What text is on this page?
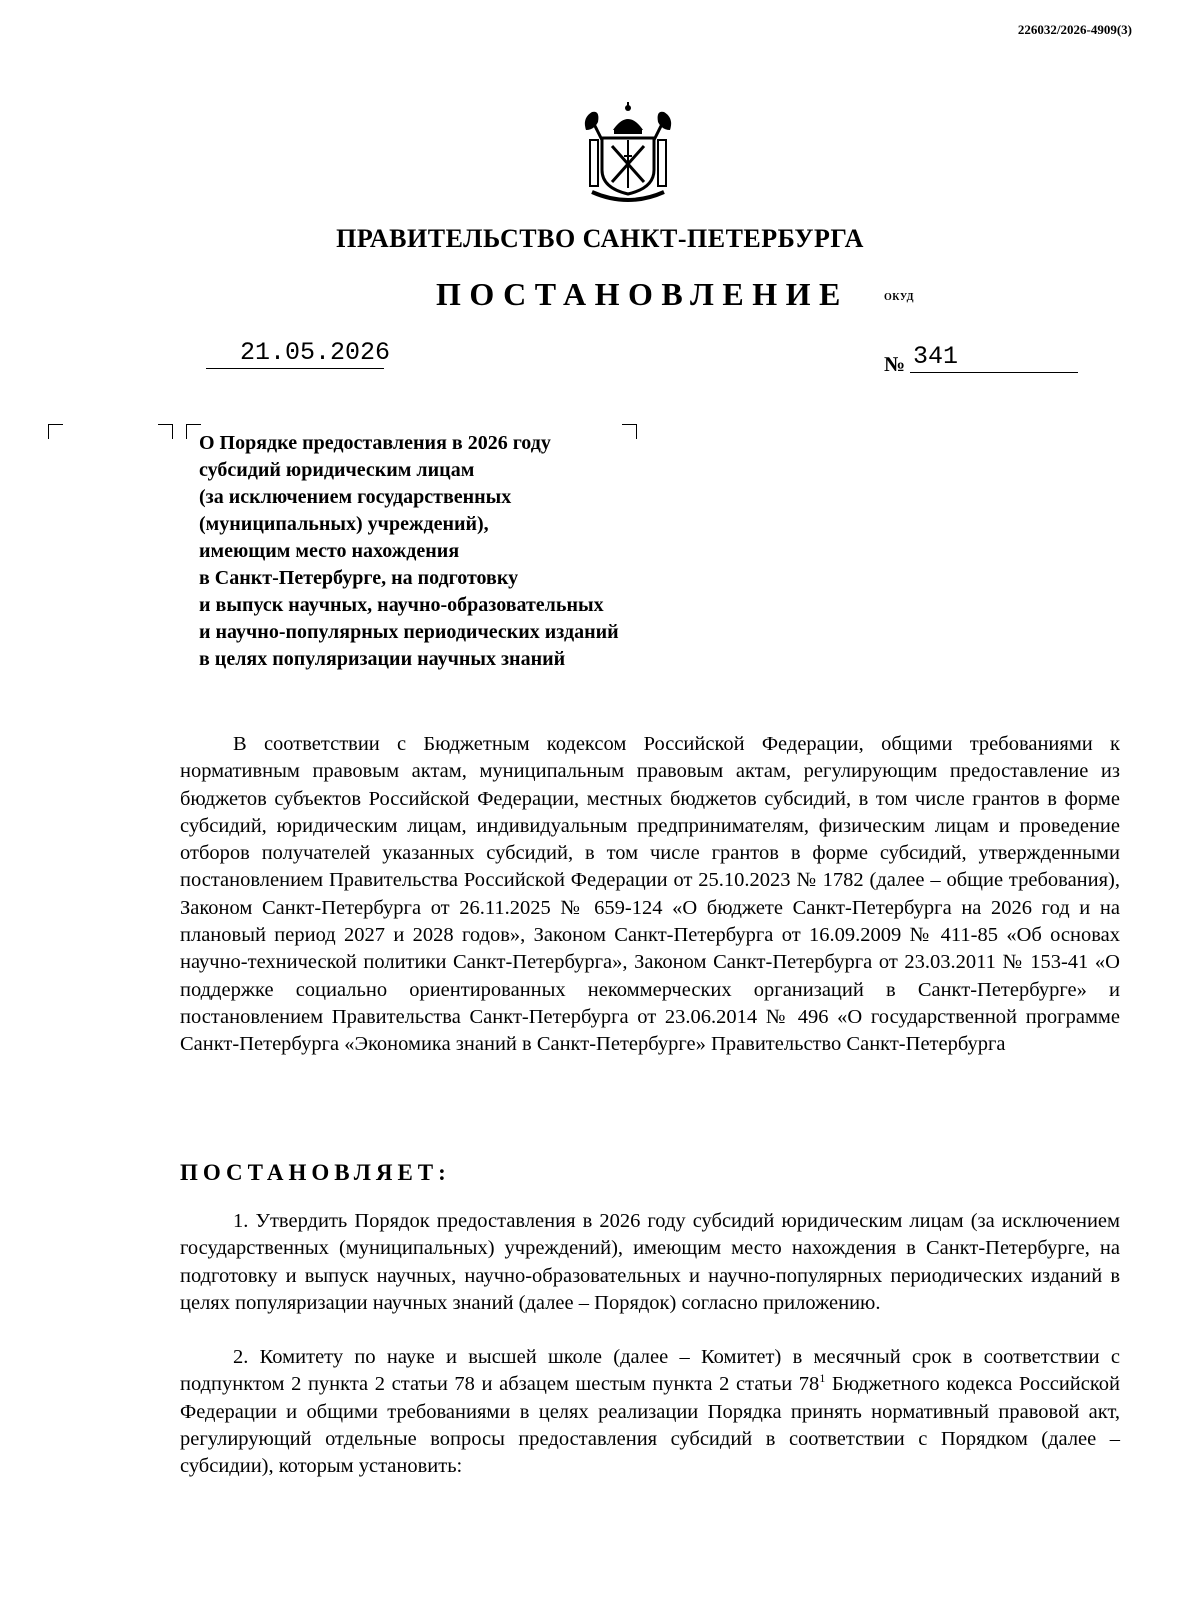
226032/2026-4909(3)
ПРАВИТЕЛЬСТВО САНКТ-ПЕТЕРБУРГА
ПОСТАНОВЛЕНИЕ	ОКУД
21.05.2026	№ 341
О Порядке предоставления в 2026 году
субсидий юридическим лицам
(за исключением государственных
(муниципальных) учреждений),
имеющим место нахождения
в Санкт-Петербурге, на подготовку
и выпуск научных, научно-образовательных
и научно-популярных периодических изданий
в целях популяризации научных знаний

В соответствии с Бюджетным кодексом Российской Федерации, общими требованиями к нормативным правовым актам, муниципальным правовым актам, регулирующим предоставление из бюджетов субъектов Российской Федерации, местных бюджетов субсидий, в том числе грантов в форме субсидий, юридическим лицам, индивидуальным предпринимателям, физическим лицам и проведение отборов получателей указанных субсидий, в том числе грантов в форме субсидий, утвержденными постановлением Правительства Российской Федерации от 25.10.2023 № 1782 (далее – общие требования), Законом Санкт-Петербурга от 26.11.2025 № 659-124 «О бюджете Санкт-Петербурга на 2026 год и на плановый период 2027 и 2028 годов», Законом Санкт-Петербурга от 16.09.2009 № 411-85 «Об основах научно-технической политики Санкт-Петербурга», Законом Санкт-Петербурга от 23.03.2011 № 153-41 «О поддержке социально ориентированных некоммерческих организаций в Санкт-Петербурге» и постановлением Правительства Санкт-Петербурга от 23.06.2014 № 496 «О государственной программе Санкт-Петербурга «Экономика знаний в Санкт-Петербурге» Правительство Санкт-Петербурга

ПОСТАНОВЛЯЕТ:

1. Утвердить Порядок предоставления в 2026 году субсидий юридическим лицам (за исключением государственных (муниципальных) учреждений), имеющим место нахождения в Санкт-Петербурге, на подготовку и выпуск научных, научно-образовательных и научно-популярных периодических изданий в целях популяризации научных знаний (далее – Порядок) согласно приложению.

2. Комитету по науке и высшей школе (далее – Комитет) в месячный срок в соответствии с подпунктом 2 пункта 2 статьи 78 и абзацем шестым пункта 2 статьи $78^1$ Бюджетного кодекса Российской Федерации и общими требованиями в целях реализации Порядка принять нормативный правовой акт, регулирующий отдельные вопросы предоставления субсидий в соответствии с Порядком (далее – субсидии), которым установить:
